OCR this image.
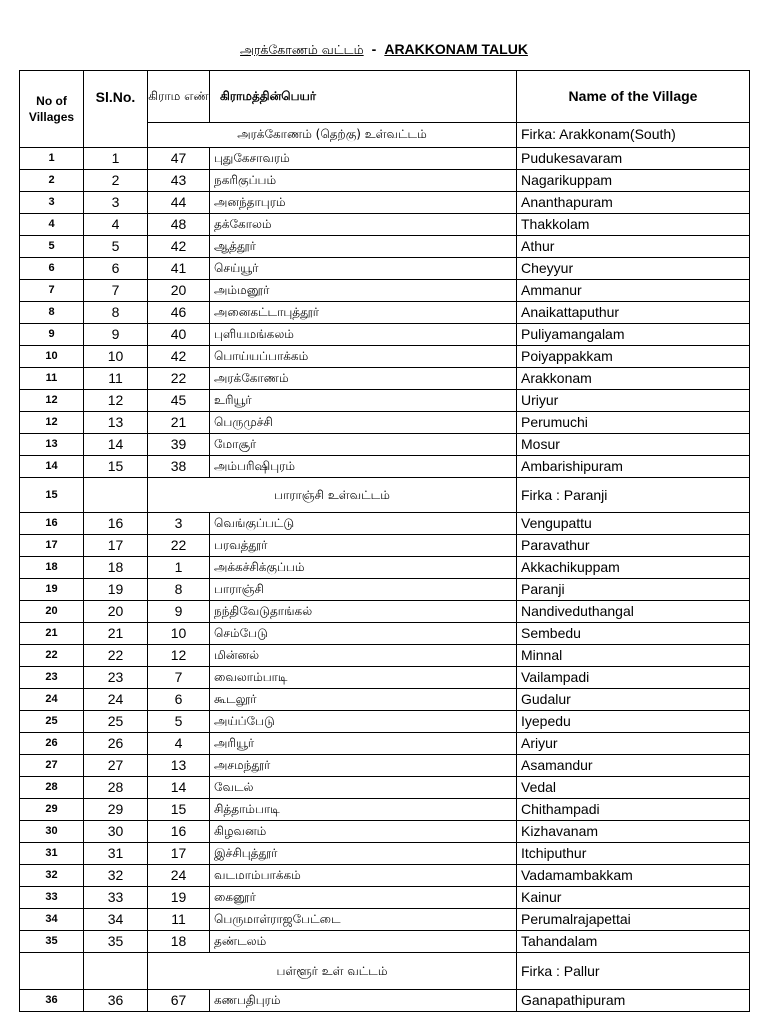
அரக்கோணம் வட்டம் - ARAKKONAM TALUK
No of Villages	Sl.No.	கிராம எண்	கிராமத்தின்பெயர்	Name of the Village
		அரக்கோணம் (தெற்கு) உள்வட்டம்		Firka: Arakkonam(South)
1	1	47	புதுகேசாவரம்	Pudukesavaram
2	2	43	நகரிகுப்பம்	Nagarikuppam
3	3	44	அனந்தாபுரம்	Ananthapuram
4	4	48	தக்கோலம்	Thakkolam
5	5	42	ஆத்தூர்	Athur
6	6	41	செய்யூர்	Cheyyur
7	7	20	அம்மனூர்	Ammanur
8	8	46	அனைகட்டாபுத்தூர்	Anaikattaputhur
9	9	40	புளியமங்கலம்	Puliyamangalam
10	10	42	பொய்யப்பாக்கம்	Poiyappakkam
11	11	22	அரக்கோணம்	Arakkonam
12	12	45	உரியூர்	Uriyur
12	13	21	பெருமுச்சி	Perumuchi
13	14	39	மோசூர்	Mosur
14	15	38	அம்பரிஷிபுரம்	Ambarishipuram
15		பாராஞ்சி உள்வட்டம்		Firka : Paranji
16	16	3	வெங்குப்பட்டு	Vengupattu
17	17	22	பரவத்தூர்	Paravathur
18	18	1	அக்கச்சிக்குப்பம்	Akkachikuppam
19	19	8	பாராஞ்சி	Paranji
20	20	9	நந்திவேடுதாங்கல்	Nandiveduthangal
21	21	10	செம்பேடு	Sembedu
22	22	12	மின்னல்	Minnal
23	23	7	வைலாம்பாடி	Vailampadi
24	24	6	கூடலூர்	Gudalur
25	25	5	அய்ப்பேடு	Iyepedu
26	26	4	அரியூர்	Ariyur
27	27	13	அசமந்தூர்	Asamandur
28	28	14	வேடல்	Vedal
29	29	15	சித்தாம்பாடி	Chithampadi
30	30	16	கிழவனம்	Kizhavanam
31	31	17	இச்சிபுத்தூர்	Itchiputhur
32	32	24	வடமாம்பாக்கம்	Vadamambakkam
33	33	19	கைனூர்	Kainur
34	34	11	பெருமாள்ராஜபேட்டை	Perumalrajapettai
35	35	18	தண்டலம்	Tahandalam
		பள்ளூர் உள் வட்டம்		Firka : Pallur
36	36	67	கணபதிபுரம்	Ganapathipuram
